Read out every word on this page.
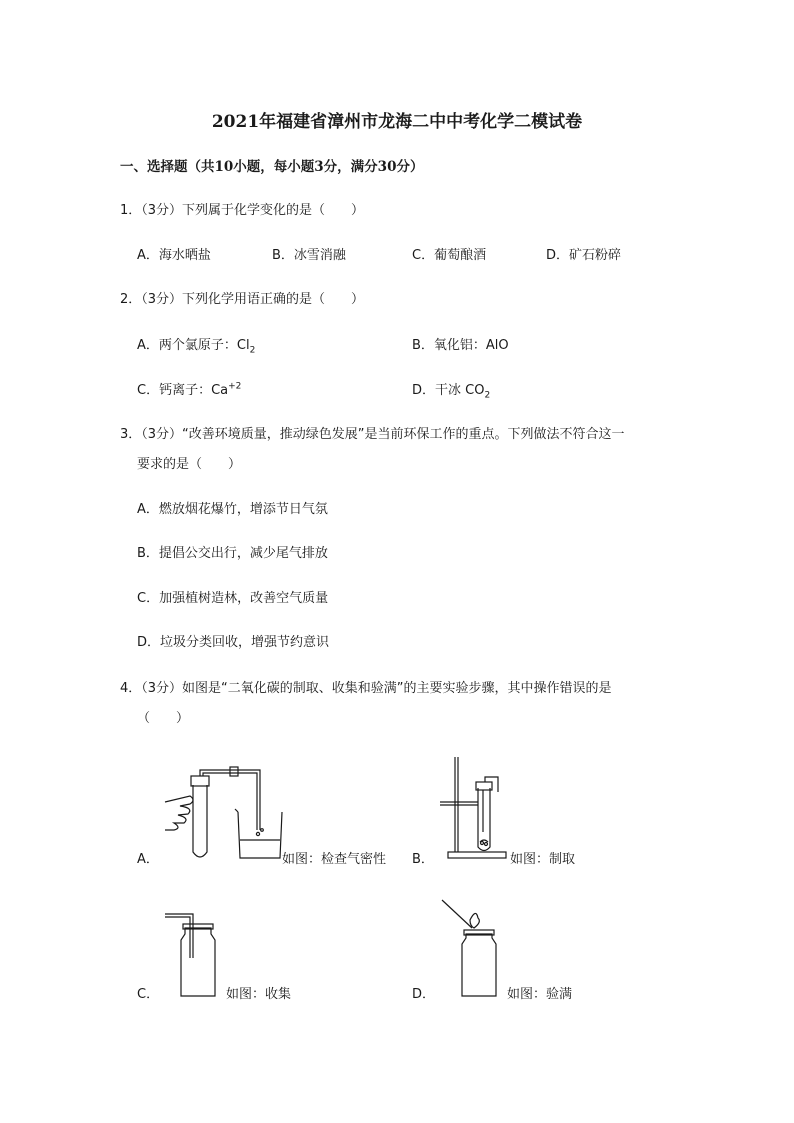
2021年福建省漳州市龙海二中中考化学二模试卷
一、选择题（共10小题，每小题3分，满分30分）
1．（3分）下列属于化学变化的是（　　）
A．海水晒盐	B．冰雪消融	C．葡萄酿酒	D．矿石粉碎
2．（3分）下列化学用语正确的是（　　）
A．两个氯原子：$Cl_2$	B．氧化铝：AlO
C．钙离子：$Ca^{+2}$	D．干冰 $CO_2$
3．（3分）“改善环境质量，推动绿色发展”是当前环保工作的重点。下列做法不符合这一
要求的是（　　）
A．燃放烟花爆竹，增添节日气氛
B．提倡公交出行，减少尾气排放
C．加强植树造林，改善空气质量
D．垃圾分类回收，增强节约意识
4．（3分）如图是“二氧化碳的制取、收集和验满”的主要实验步骤，其中操作错误的是
（　　）
A．	如图：检查气密性 B．	如图：制取
C．	如图：收集	D．	如图：验满
